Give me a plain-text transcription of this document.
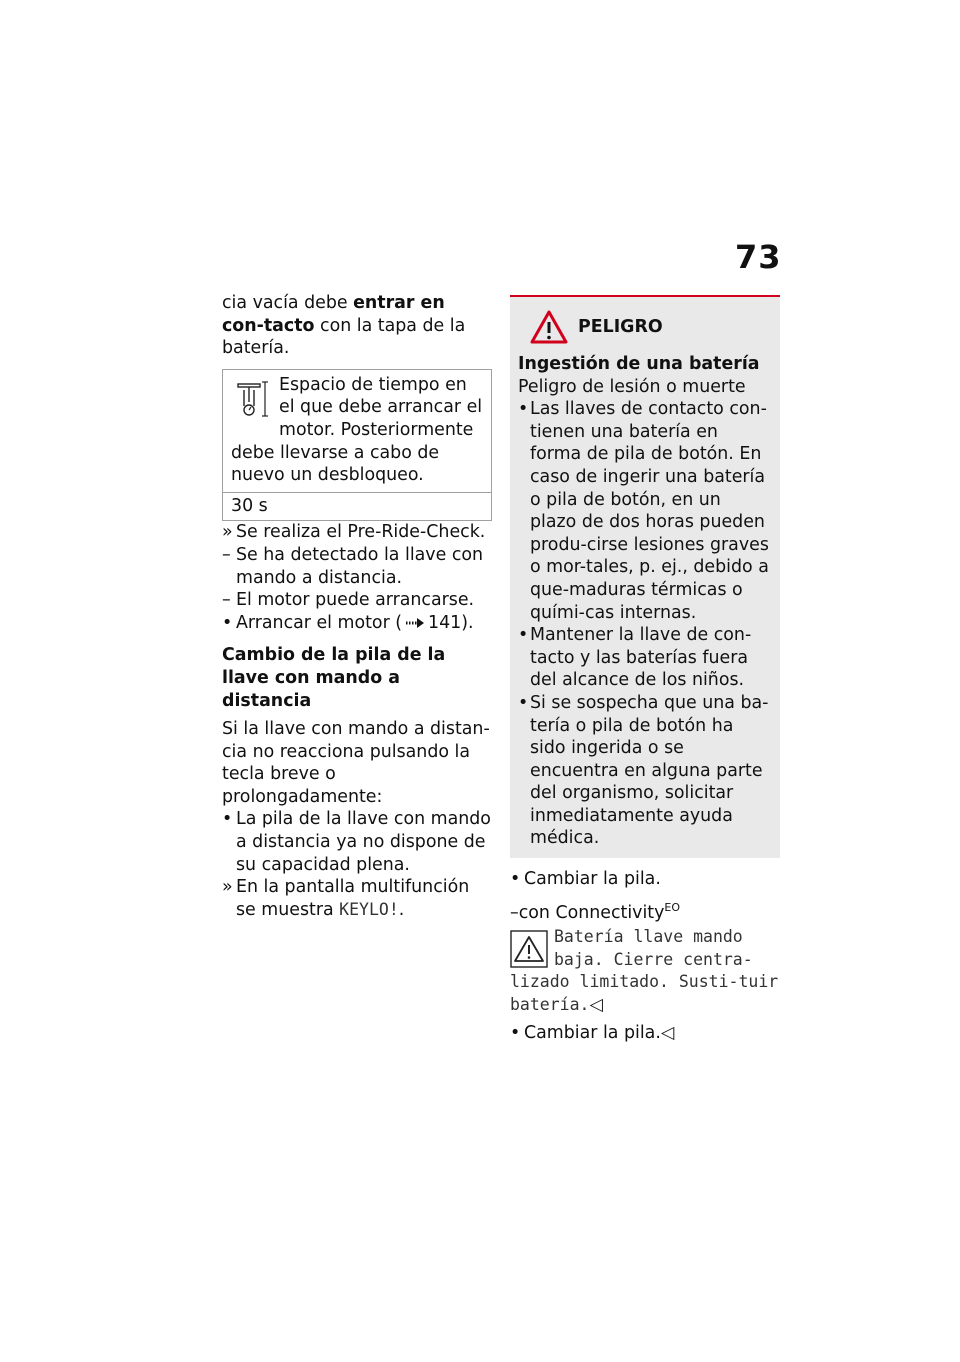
73

cia vacía debe entrar en con-tacto con la tapa de la batería.

Espacio de tiempo en el que debe arrancar el motor. Posteriormente debe llevarse a cabo de nuevo un desbloqueo.

30 s

» Se realiza el Pre-Ride-Check.

– Se ha detectado la llave con mando a distancia.

– El motor puede arrancarse.

• Arrancar el motor ( 141).

Cambio de la pila de la llave con mando a distancia

Si la llave con mando a distan-cia no reacciona pulsando la tecla breve o prolongadamente:

• La pila de la llave con mando a distancia ya no dispone de su capacidad plena.

» En la pantalla multifunción se muestra KEYLO!.

PELIGRO

Ingestión de una batería

Peligro de lesión o muerte

•Las llaves de contacto con-tienen una batería en forma de pila de botón. En caso de ingerir una batería o pila de botón, en un plazo de dos horas pueden produ-cirse lesiones graves o mor-tales, p. ej., debido a que-maduras térmicas o quími-cas internas.

•Mantener la llave de con-tacto y las baterías fuera del alcance de los niños.

•Si se sospecha que una ba-tería o pila de botón ha sido ingerida o se encuentra en alguna parte del organismo, solicitar inmediatamente ayuda médica.

• Cambiar la pila.

–con Connectivity$^{EO}$

Batería llave mando baja. Cierre centra-lizado limitado. Susti-tuir batería.◁

• Cambiar la pila.◁
